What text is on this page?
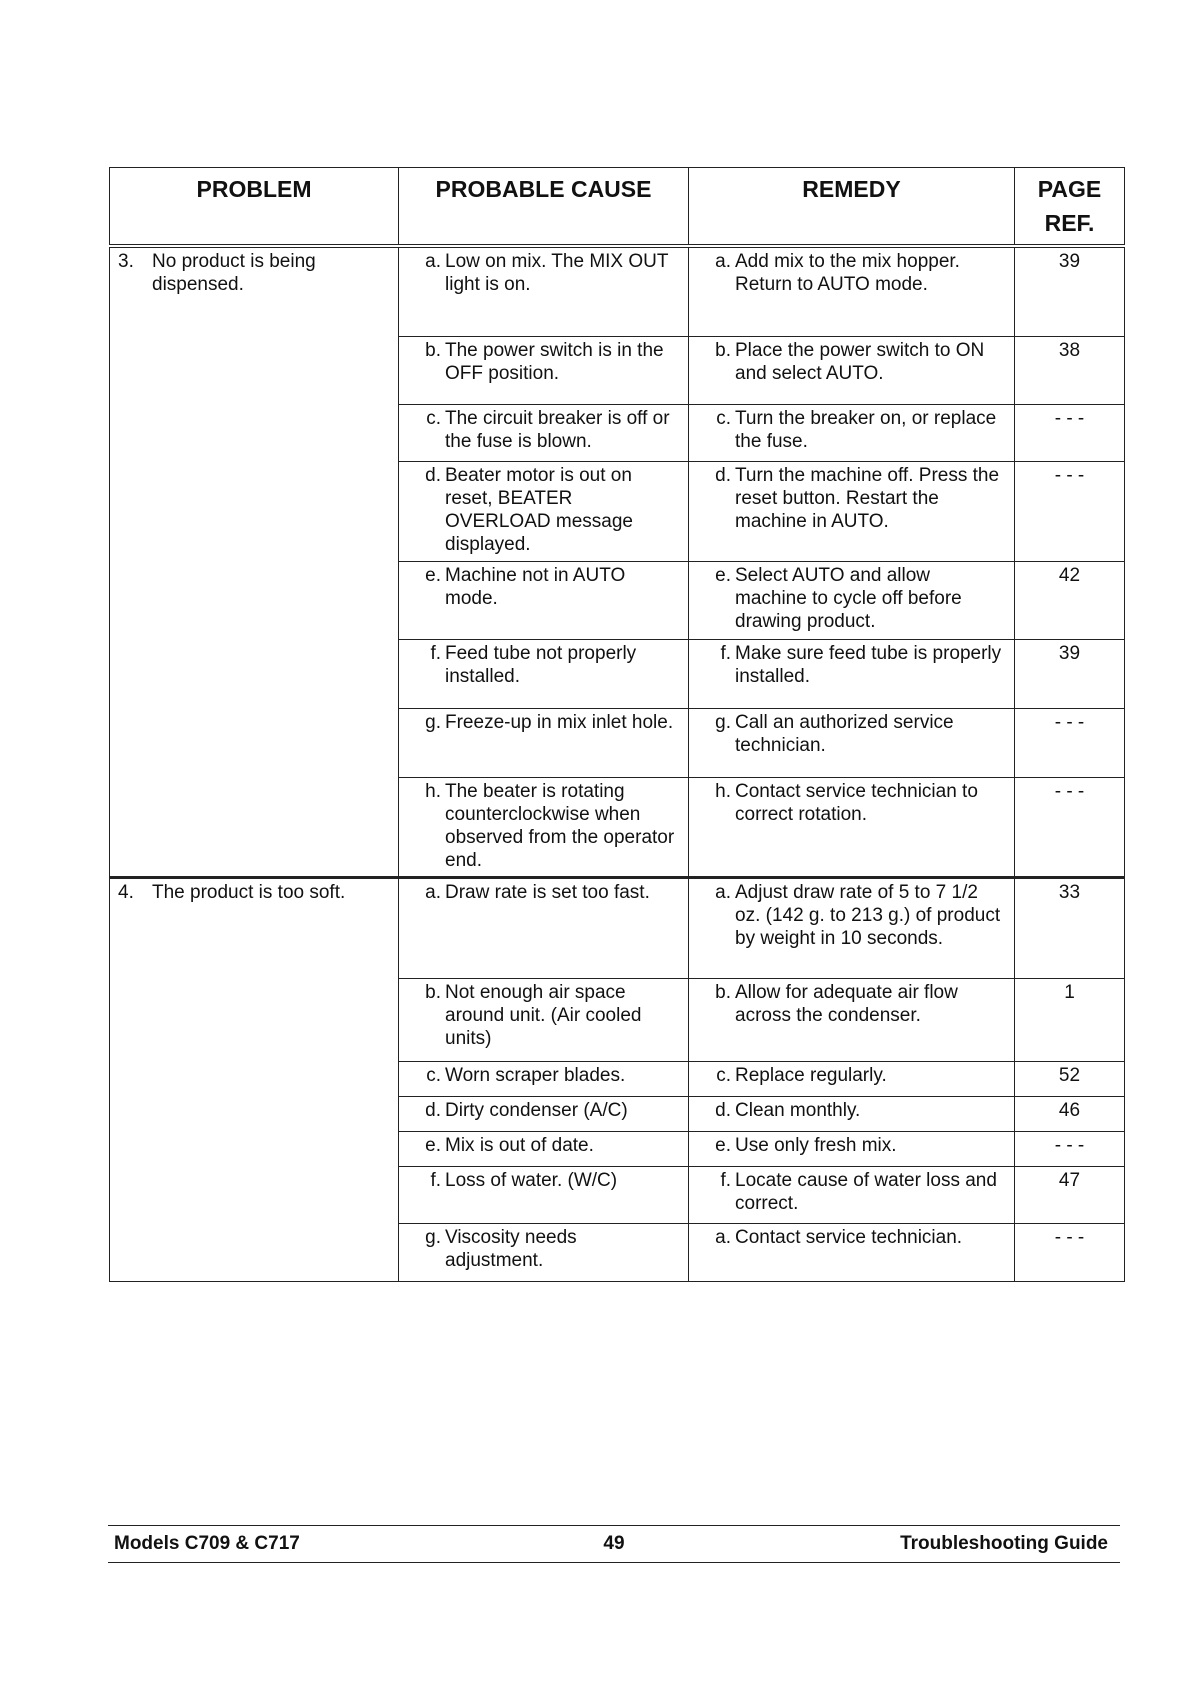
PROBLEM	PROBABLE CAUSE	REMEDY	PAGE
REF.

3. No product is being dispensed.	a. Low on mix. The MIX OUT light is on.	a. Add mix to the mix hopper. Return to AUTO mode.	39

	b. The power switch is in the OFF position.	b. Place the power switch to ON and select AUTO.	38

	c. The circuit breaker is off or the fuse is blown.	c. Turn the breaker on, or replace the fuse.	- - -

	d. Beater motor is out on reset, BEATER OVERLOAD message displayed.	d. Turn the machine off. Press the reset button. Restart the machine in AUTO.	- - -

	e. Machine not in AUTO mode.	e. Select AUTO and allow machine to cycle off before drawing product.	42

	f. Feed tube not properly installed.	f. Make sure feed tube is properly installed.	39

	g. Freeze-up in mix inlet hole.	g. Call an authorized service technician.	- - -

	h. The beater is rotating counterclockwise when observed from the operator end.	h. Contact service technician to correct rotation.	- - -

4. The product is too soft.	a. Draw rate is set too fast.	a. Adjust draw rate of 5 to 7 1/2 oz. (142 g. to 213 g.) of product by weight in 10 seconds.	33

	b. Not enough air space around unit. (Air cooled units)	b. Allow for adequate air flow across the condenser.	1

	c. Worn scraper blades.	c. Replace regularly.	52

	d. Dirty condenser (A/C)	d. Clean monthly.	46

	e. Mix is out of date.	e. Use only fresh mix.	- - -

	f. Loss of water. (W/C)	f. Locate cause of water loss and correct.	47

	g. Viscosity needs adjustment.	a. Contact service technician.	- - -
Models C709 & C717	49	Troubleshooting Guide
